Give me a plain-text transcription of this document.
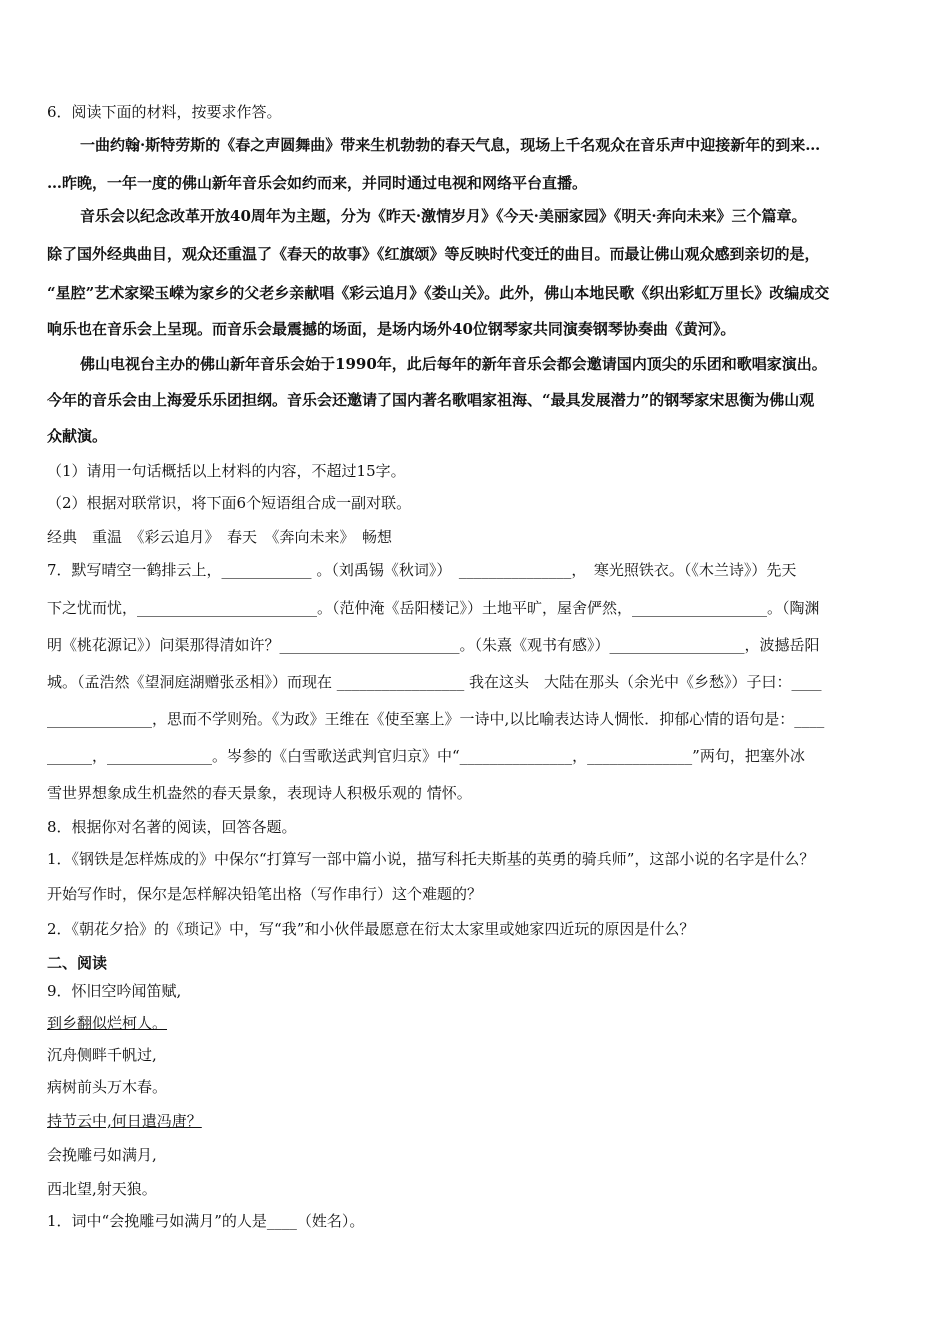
6．阅读下面的材料，按要求作答。
一曲约翰·斯特劳斯的《春之声圆舞曲》带来生机勃勃的春天气息，现场上千名观众在音乐声中迎接新年的到来…
…昨晚，一年一度的佛山新年音乐会如约而来，并同时通过电视和网络平台直播。
音乐会以纪念改革开放40周年为主题，分为《昨天·激情岁月》《今天·美丽家园》《明天·奔向未来》三个篇章。
除了国外经典曲目，观众还重温了《春天的故事》《红旗颂》等反映时代变迁的曲目。而最让佛山观众感到亲切的是，
“星腔”艺术家梁玉嵘为家乡的父老乡亲献唱《彩云追月》《娄山关》。此外，佛山本地民歌《织出彩虹万里长》改编成交
响乐也在音乐会上呈现。而音乐会最震撼的场面，是场内场外40位钢琴家共同演奏钢琴协奏曲《黄河》。
佛山电视台主办的佛山新年音乐会始于1990年，此后每年的新年音乐会都会邀请国内顶尖的乐团和歌唱家演出。
今年的音乐会由上海爱乐乐团担纲。音乐会还邀请了国内著名歌唱家祖海、“最具发展潜力”的钢琴家宋思衡为佛山观
众献演。
（1）请用一句话概括以上材料的内容，不超过15字。
（2）根据对联常识，将下面6个短语组合成一副对联。
经典　重温　《彩云追月》　春天　《奔向未来》　畅想
7．默写晴空一鹤排云上，____________ 。（刘禹锡《秋词》）　_______________，　寒光照铁衣。（《木兰诗》）先天
下之忧而忧，________________________。（范仲淹《岳阳楼记》）土地平旷，屋舍俨然，__________________。（陶渊
明《桃花源记》）问渠那得清如许？________________________。（朱熹《观书有感》）__________________，波撼岳阳
城。（孟浩然《望洞庭湖赠张丞相》）而现在 _________________ 我在这头　大陆在那头（余光中《乡愁》）子曰：____
______________，思而不学则殆。《为政》王维在《使至塞上》一诗中,以比喻表达诗人惆怅．抑郁心情的语句是：____
______，______________。岑参的《白雪歌送武判官归京》中“_______________，______________”两句，把塞外冰
雪世界想象成生机盎然的春天景象，表现诗人积极乐观的 情怀。
8．根据你对名著的阅读，回答各题。
1．《钢铁是怎样炼成的》中保尔“打算写一部中篇小说，描写科托夫斯基的英勇的骑兵师”，这部小说的名字是什么？
开始写作时，保尔是怎样解决铅笔出格（写作串行）这个难题的？
2．《朝花夕拾》的《琐记》中，写“我”和小伙伴最愿意在衍太太家里或她家四近玩的原因是什么？
二、阅读
9．怀旧空吟闻笛赋,
到乡翻似烂柯人。
沉舟侧畔千帆过,
病树前头万木春。
持节云中,何日遣冯唐？
会挽雕弓如满月,
西北望,射天狼。
1．词中“会挽雕弓如满月”的人是____（姓名）。
